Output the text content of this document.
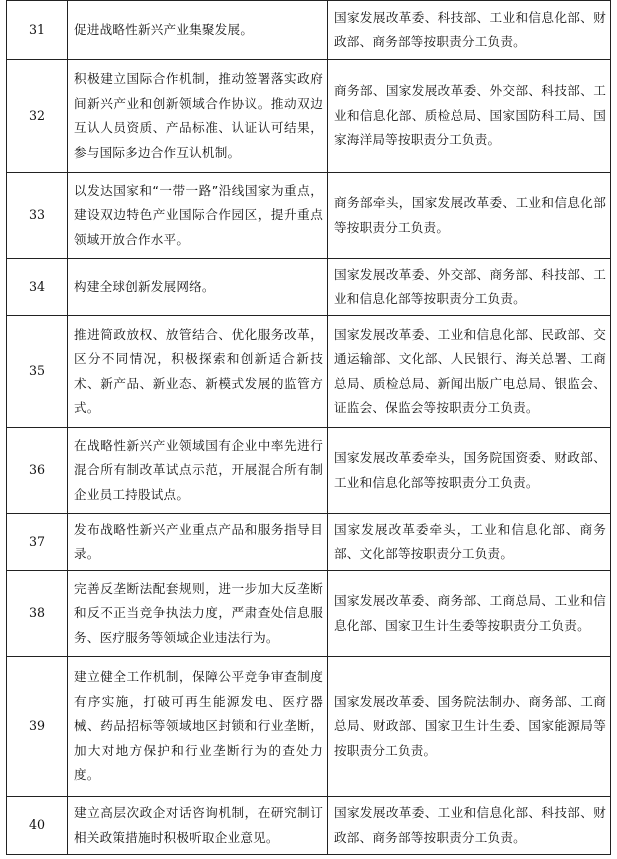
31	促进战略性新兴产业集聚发展。	国家发展改革委、科技部、工业和信息化部、财政部、商务部等按职责分工负责。

32	积极建立国际合作机制，推动签署落实政府间新兴产业和创新领域合作协议。推动双边互认人员资质、产品标准、认证认可结果，参与国际多边合作互认机制。	商务部、国家发展改革委、外交部、科技部、工业和信息化部、质检总局、国家国防科工局、国家海洋局等按职责分工负责。

33	以发达国家和“一带一路”沿线国家为重点，建设双边特色产业国际合作园区，提升重点领域开放合作水平。	商务部牵头，国家发展改革委、工业和信息化部等按职责分工负责。

34	构建全球创新发展网络。	国家发展改革委、外交部、商务部、科技部、工业和信息化部等按职责分工负责。

35	推进简政放权、放管结合、优化服务改革，区分不同情况，积极探索和创新适合新技术、新产品、新业态、新模式发展的监管方式。	国家发展改革委、工业和信息化部、民政部、交通运输部、文化部、人民银行、海关总署、工商总局、质检总局、新闻出版广电总局、银监会、证监会、保监会等按职责分工负责。

36	在战略性新兴产业领域国有企业中率先进行混合所有制改革试点示范，开展混合所有制企业员工持股试点。	国家发展改革委牵头，国务院国资委、财政部、工业和信息化部等按职责分工负责。

37	发布战略性新兴产业重点产品和服务指导目录。	国家发展改革委牵头，工业和信息化部、商务部、文化部等按职责分工负责。

38	完善反垄断法配套规则，进一步加大反垄断和反不正当竞争执法力度，严肃查处信息服务、医疗服务等领域企业违法行为。	国家发展改革委、商务部、工商总局、工业和信息化部、国家卫生计生委等按职责分工负责。

39	建立健全工作机制，保障公平竞争审查制度有序实施，打破可再生能源发电、医疗器械、药品招标等领域地区封锁和行业垄断，加大对地方保护和行业垄断行为的查处力度。	国家发展改革委、国务院法制办、商务部、工商总局、财政部、国家卫生计生委、国家能源局等按职责分工负责。

40	建立高层次政企对话咨询机制，在研究制订相关政策措施时积极听取企业意见。	国家发展改革委、工业和信息化部、科技部、财政部、商务部等按职责分工负责。
